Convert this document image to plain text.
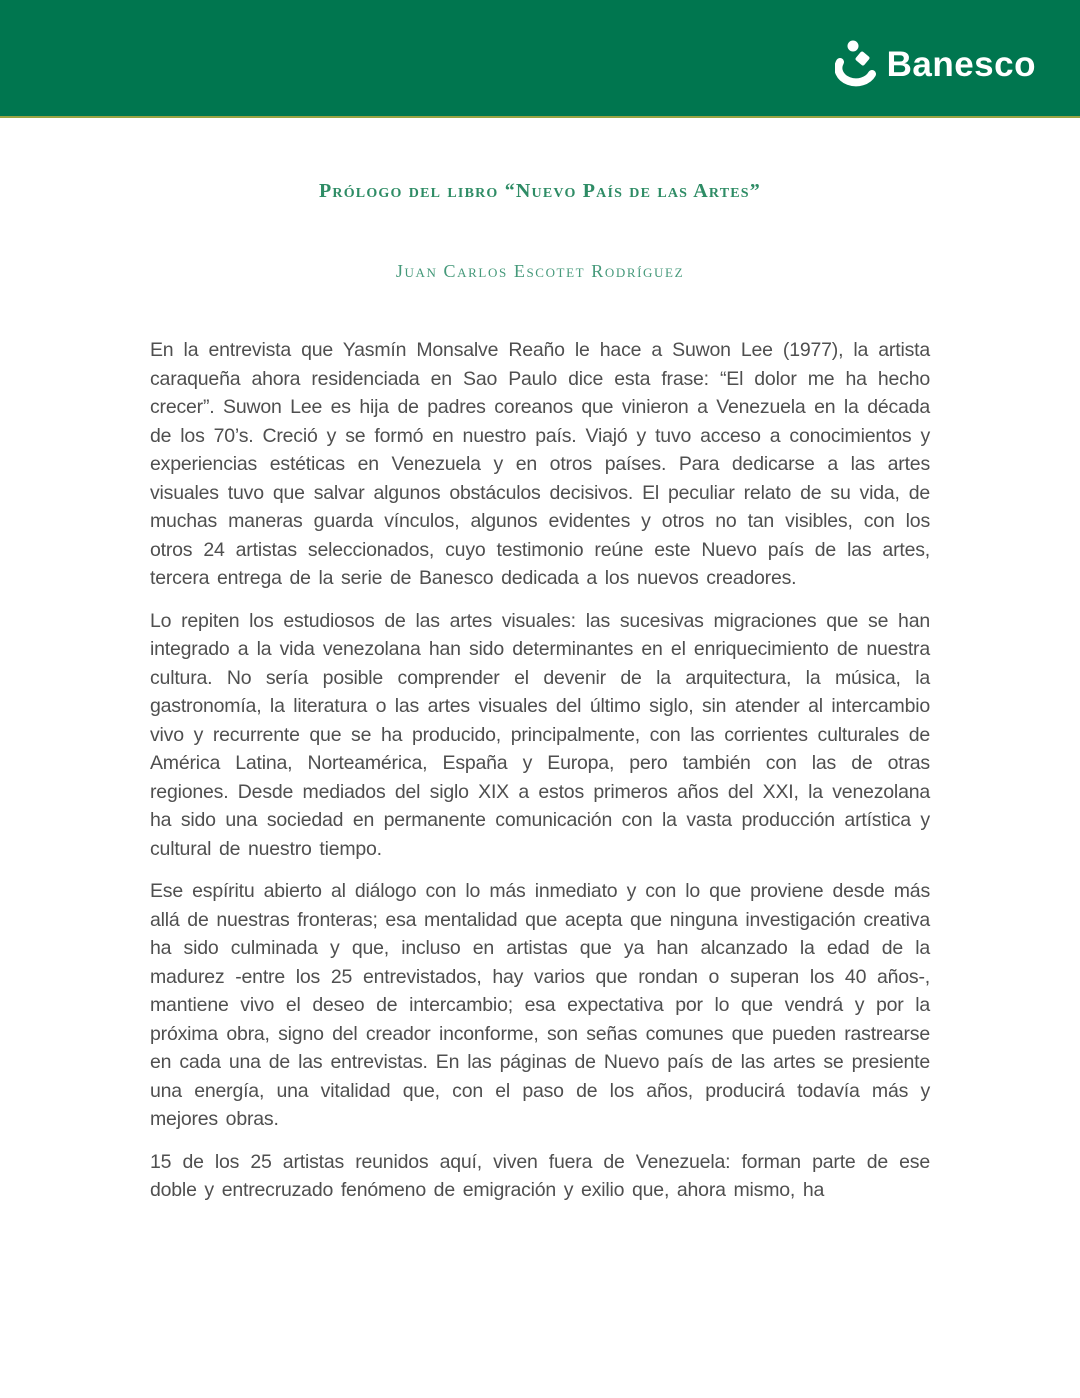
Banesco
Prólogo del libro “Nuevo País de las Artes”
Juan Carlos Escotet Rodríguez

En la entrevista que Yasmín Monsalve Reaño le hace a Suwon Lee (1977), la artista caraqueña ahora residenciada en Sao Paulo dice esta frase: “El dolor me ha hecho crecer”. Suwon Lee es hija de padres coreanos que vinieron a Venezuela en la década de los 70’s. Creció y se formó en nuestro país. Viajó y tuvo acceso a conocimientos y experiencias estéticas en Venezuela y en otros países. Para dedicarse a las artes visuales tuvo que salvar algunos obstáculos decisivos. El peculiar relato de su vida, de muchas maneras guarda vínculos, algunos evidentes y otros no tan visibles, con los otros 24 artistas seleccionados, cuyo testimonio reúne este Nuevo país de las artes, tercera entrega de la serie de Banesco dedicada a los nuevos creadores.

Lo repiten los estudiosos de las artes visuales: las sucesivas migraciones que se han integrado a la vida venezolana han sido determinantes en el enriquecimiento de nuestra cultura. No sería posible comprender el devenir de la arquitectura, la música, la gastronomía, la literatura o las artes visuales del último siglo, sin atender al intercambio vivo y recurrente que se ha producido, principalmente, con las corrientes culturales de América Latina, Norteamérica, España y Europa, pero también con las de otras regiones. Desde mediados del siglo XIX a estos primeros años del XXI, la venezolana ha sido una sociedad en permanente comunicación con la vasta producción artística y cultural de nuestro tiempo.

Ese espíritu abierto al diálogo con lo más inmediato y con lo que proviene desde más allá de nuestras fronteras; esa mentalidad que acepta que ninguna investigación creativa ha sido culminada y que, incluso en artistas que ya han alcanzado la edad de la madurez -entre los 25 entrevistados, hay varios que rondan o superan los 40 años-, mantiene vivo el deseo de intercambio; esa expectativa por lo que vendrá y por la próxima obra, signo del creador inconforme, son señas comunes que pueden rastrearse en cada una de las entrevistas. En las páginas de Nuevo país de las artes se presiente una energía, una vitalidad que, con el paso de los años, producirá todavía más y mejores obras.

15 de los 25 artistas reunidos aquí, viven fuera de Venezuela: forman parte de ese doble y entrecruzado fenómeno de emigración y exilio que, ahora mismo, ha
